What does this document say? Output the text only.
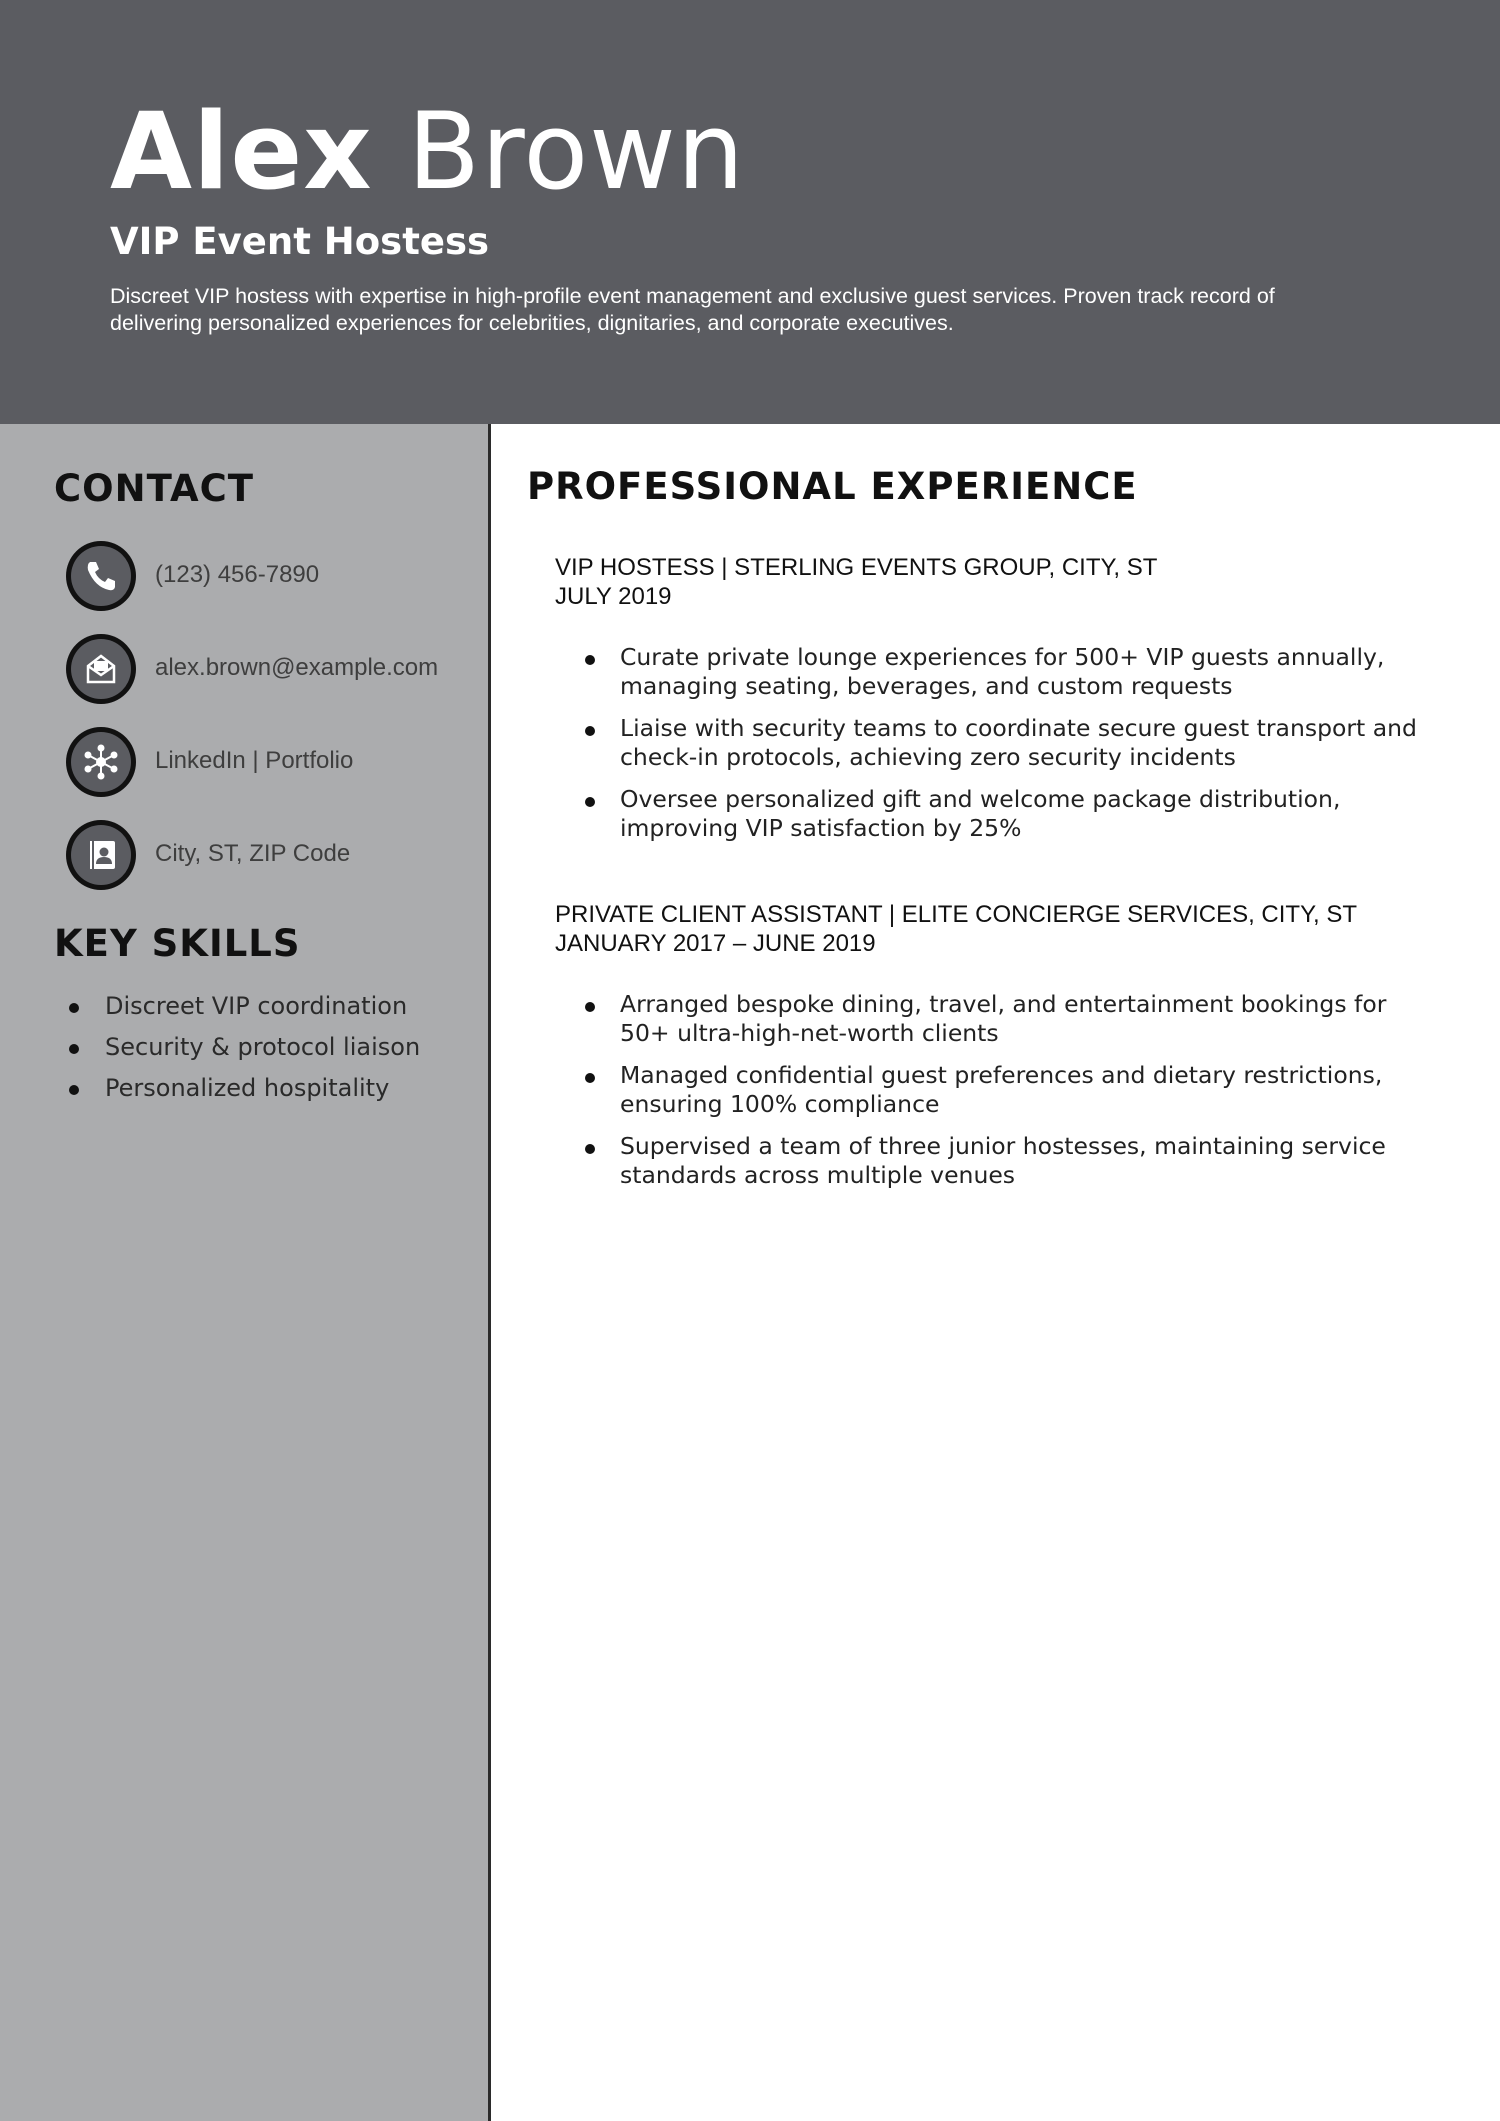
Alex Brown
VIP Event Hostess
Discreet VIP hostess with expertise in high-profile event management and exclusive guest services. Proven track record of delivering personalized experiences for celebrities, dignitaries, and corporate executives.
CONTACT
(123) 456-7890
alex.brown@example.com
LinkedIn | Portfolio
City, ST, ZIP Code
KEY SKILLS
Discreet VIP coordination
Security & protocol liaison
Personalized hospitality
PROFESSIONAL EXPERIENCE
VIP HOSTESS | STERLING EVENTS GROUP, CITY, ST
JULY 2019
Curate private lounge experiences for 500+ VIP guests annually, managing seating, beverages, and custom requests
Liaise with security teams to coordinate secure guest transport and check-in protocols, achieving zero security incidents
Oversee personalized gift and welcome package distribution, improving VIP satisfaction by 25%
PRIVATE CLIENT ASSISTANT | ELITE CONCIERGE SERVICES, CITY, ST
JANUARY 2017 – JUNE 2019
Arranged bespoke dining, travel, and entertainment bookings for 50+ ultra-high-net-worth clients
Managed confidential guest preferences and dietary restrictions, ensuring 100% compliance
Supervised a team of three junior hostesses, maintaining service standards across multiple venues
